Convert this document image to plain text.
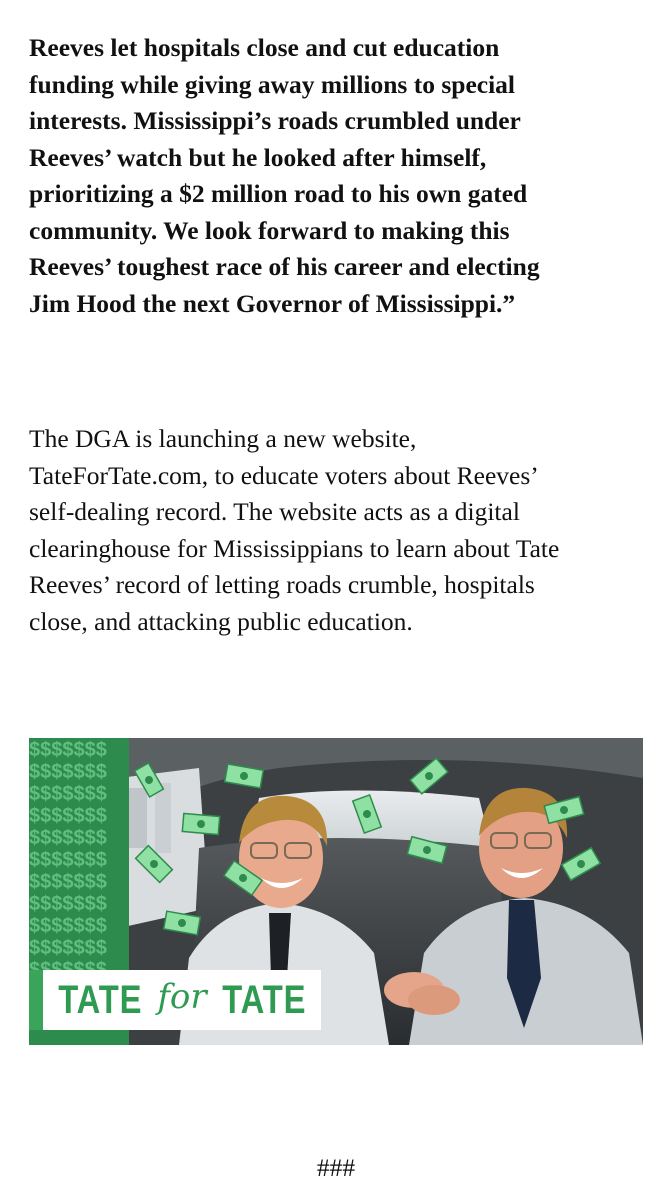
Reeves let hospitals close and cut education
funding while giving away millions to special
interests. Mississippi’s roads crumbled under
Reeves’ watch but he looked after himself,
prioritizing a $2 million road to his own gated
community. We look forward to making this
Reeves’ toughest race of his career and electing
Jim Hood the next Governor of Mississippi.”

The DGA is launching a new website,
TateForTate.com, to educate voters about Reeves’
self-dealing record. The website acts as a digital
clearinghouse for Mississippians to learn about Tate
Reeves’ record of letting roads crumble, hospitals
close, and attacking public education.

$$$$$$$
$$$$$$$
$$$$$$$
$$$$$$$
$$$$$$$
$$$$$$$
$$$$$$$
$$$$$$$
$$$$$$$
$$$$$$$
TATE for TATE
###
